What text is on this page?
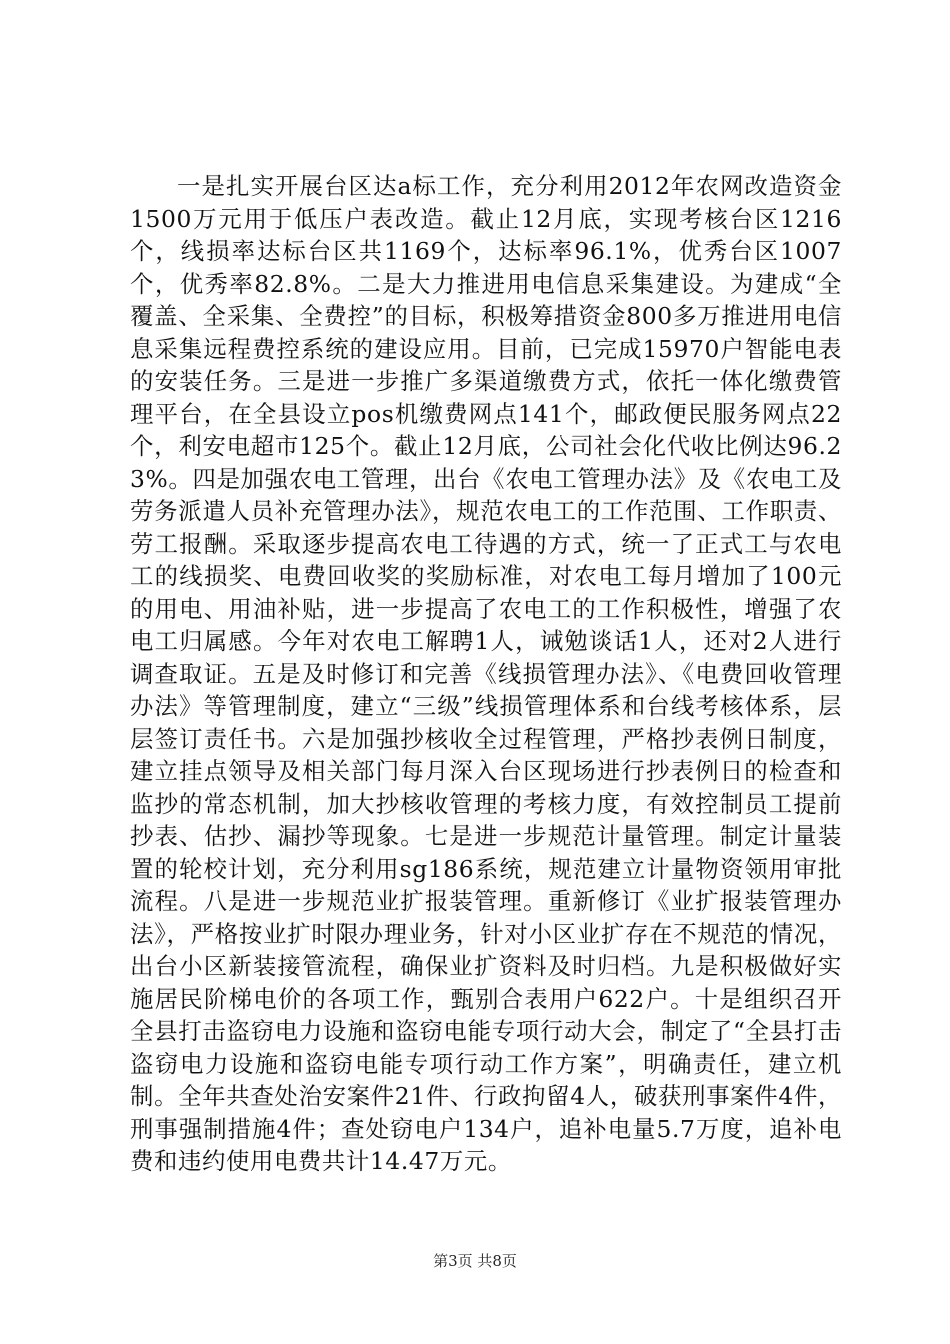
一是扎实开展台区达a标工作，充分利用2012年农网改造资金1500万元用于低压户表改造。截止12月底，实现考核台区1216个，线损率达标台区共1169个，达标率96.1%，优秀台区1007个，优秀率82.8%。二是大力推进用电信息采集建设。为建成“全覆盖、全采集、全费控”的目标，积极筹措资金800多万推进用电信息采集远程费控系统的建设应用。目前，已完成15970户智能电表的安装任务。三是进一步推广多渠道缴费方式，依托一体化缴费管理平台，在全县设立pos机缴费网点141个，邮政便民服务网点22个，利安电超市125个。截止12月底，公司社会化代收比例达96.23%。四是加强农电工管理，出台《农电工管理办法》及《农电工及劳务派遣人员补充管理办法》，规范农电工的工作范围、工作职责、劳工报酬。采取逐步提高农电工待遇的方式，统一了正式工与农电工的线损奖、电费回收奖的奖励标准，对农电工每月增加了100元的用电、用油补贴，进一步提高了农电工的工作积极性，增强了农电工归属感。今年对农电工解聘1人，诫勉谈话1人，还对2人进行调查取证。五是及时修订和完善《线损管理办法》、《电费回收管理办法》等管理制度，建立“三级”线损管理体系和台线考核体系，层层签订责任书。六是加强抄核收全过程管理，严格抄表例日制度，建立挂点领导及相关部门每月深入台区现场进行抄表例日的检查和监抄的常态机制，加大抄核收管理的考核力度，有效控制员工提前抄表、估抄、漏抄等现象。七是进一步规范计量管理。制定计量装置的轮校计划，充分利用sg186系统，规范建立计量物资领用审批流程。八是进一步规范业扩报装管理。重新修订《业扩报装管理办法》，严格按业扩时限办理业务，针对小区业扩存在不规范的情况，出台小区新装接管流程，确保业扩资料及时归档。九是积极做好实施居民阶梯电价的各项工作，甄别合表用户622户。十是组织召开全县打击盗窃电力设施和盗窃电能专项行动大会，制定了“全县打击盗窃电力设施和盗窃电能专项行动工作方案”，明确责任，建立机制。全年共查处治安案件21件、行政拘留4人，破获刑事案件4件，刑事强制措施4件；查处窃电户134户，追补电量5.7万度，追补电费和违约使用电费共计14.47万元。

第3页 共8页
